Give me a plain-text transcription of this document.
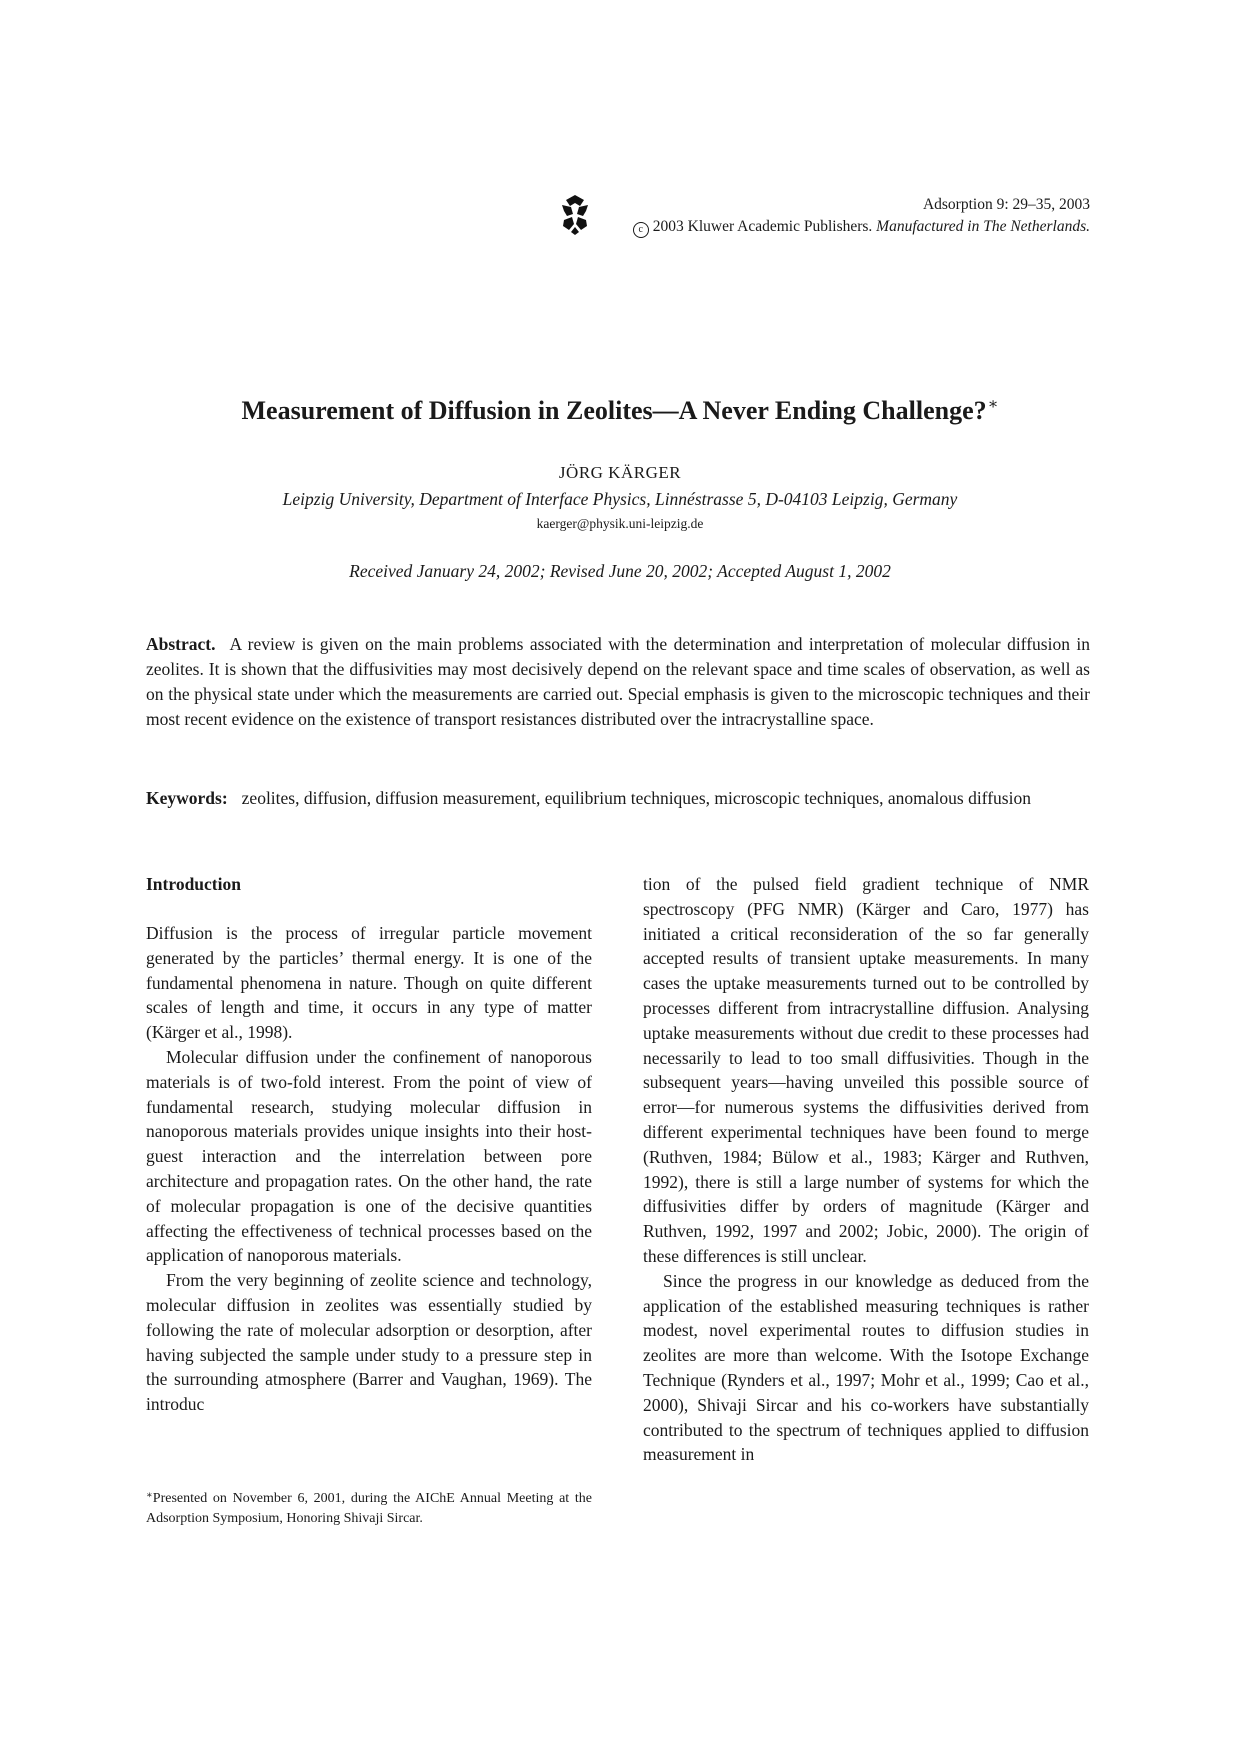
Adsorption 9: 29–35, 2003
c 2003 Kluwer Academic Publishers. Manufactured in The Netherlands.
Measurement of Diffusion in Zeolites—A Never Ending Challenge?∗
JÖRG KÄRGER
Leipzig University, Department of Interface Physics, Linnéstrasse 5, D-04103 Leipzig, Germany
kaerger@physik.uni-leipzig.de
Received January 24, 2002; Revised June 20, 2002; Accepted August 1, 2002
Abstract. A review is given on the main problems associated with the determination and interpretation of molecular diffusion in zeolites. It is shown that the diffusivities may most decisively depend on the relevant space and time scales of observation, as well as on the physical state under which the measurements are carried out. Special emphasis is given to the microscopic techniques and their most recent evidence on the existence of transport resistances distributed over the intracrystalline space.
Keywords: zeolites, diffusion, diffusion measurement, equilibrium techniques, microscopic techniques, anomalous diffusion
Introduction

Diffusion is the process of irregular particle movement generated by the particles’ thermal energy. It is one of the fundamental phenomena in nature. Though on quite different scales of length and time, it occurs in any type of matter (Kärger et al., 1998).

Molecular diffusion under the confinement of nanoporous materials is of two-fold interest. From the point of view of fundamental research, studying molecular diffusion in nanoporous materials provides unique insights into their host-guest interaction and the interrelation between pore architecture and propagation rates. On the other hand, the rate of molecular propagation is one of the decisive quantities affecting the effectiveness of technical processes based on the application of nanoporous materials.

From the very beginning of zeolite science and technology, molecular diffusion in zeolites was essentially studied by following the rate of molecular adsorption or desorption, after having subjected the sample under study to a pressure step in the surrounding atmosphere (Barrer and Vaughan, 1969). The introduc

∗Presented on November 6, 2001, during the AIChE Annual Meeting at the Adsorption Symposium, Honoring Shivaji Sircar.

tion of the pulsed field gradient technique of NMR spectroscopy (PFG NMR) (Kärger and Caro, 1977) has initiated a critical reconsideration of the so far generally accepted results of transient uptake measurements. In many cases the uptake measurements turned out to be controlled by processes different from intracrystalline diffusion. Analysing uptake measurements without due credit to these processes had necessarily to lead to too small diffusivities. Though in the subsequent years—having unveiled this possible source of error—for numerous systems the diffusivities derived from different experimental techniques have been found to merge (Ruthven, 1984; Bülow et al., 1983; Kärger and Ruthven, 1992), there is still a large number of systems for which the diffusivities differ by orders of magnitude (Kärger and Ruthven, 1992, 1997 and 2002; Jobic, 2000). The origin of these differences is still unclear.

Since the progress in our knowledge as deduced from the application of the established measuring techniques is rather modest, novel experimental routes to diffusion studies in zeolites are more than welcome. With the Isotope Exchange Technique (Rynders et al., 1997; Mohr et al., 1999; Cao et al., 2000), Shivaji Sircar and his co-workers have substantially contributed to the spectrum of techniques applied to diffusion measurement in
